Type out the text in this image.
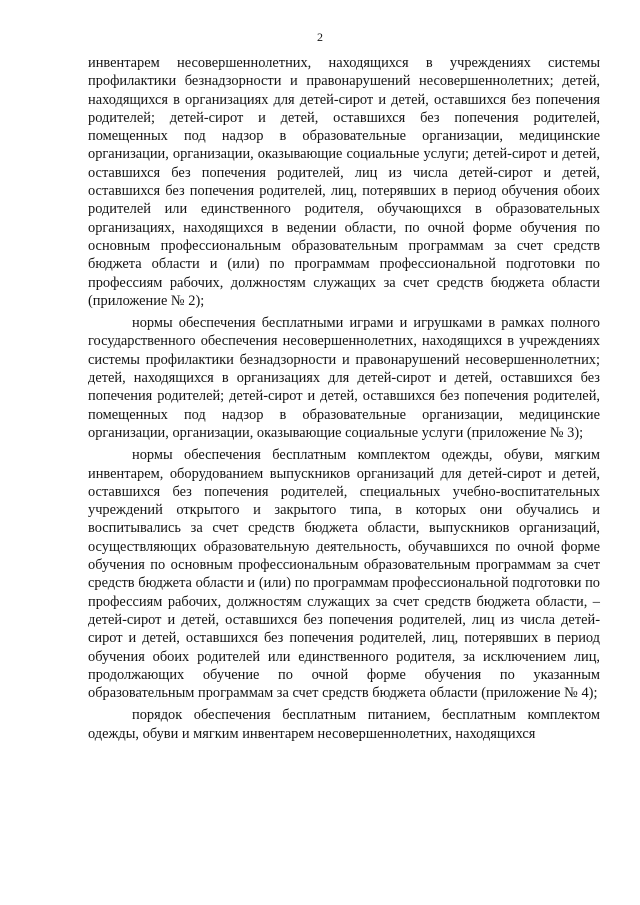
2

инвентарем несовершеннолетних, находящихся в учреждениях системы профилактики безнадзорности и правонарушений несовершеннолетних; детей, находящихся в организациях для детей-сирот и детей, оставшихся без попечения родителей; детей-сирот и детей, оставшихся без попечения родителей, помещенных под надзор в образовательные организации, медицинские организации, организации, оказывающие социальные услуги; детей-сирот и детей, оставшихся без попечения родителей, лиц из числа детей-сирот и детей, оставшихся без попечения родителей, лиц, потерявших в период обучения обоих родителей или единственного родителя, обучающихся в образовательных организациях, находящихся в ведении области, по очной форме обучения по основным профессиональным образовательным программам за счет средств бюджета области и (или) по программам профессиональной подготовки по профессиям рабочих, должностям служащих за счет средств бюджета области (приложение № 2);

нормы обеспечения бесплатными играми и игрушками в рамках полного государственного обеспечения несовершеннолетних, находящихся в учреждениях системы профилактики безнадзорности и правонарушений несовершеннолетних; детей, находящихся в организациях для детей-сирот и детей, оставшихся без попечения родителей; детей-сирот и детей, оставшихся без попечения родителей, помещенных под надзор в образовательные организации, медицинские организации, организации, оказывающие социальные услуги (приложение № 3);

нормы обеспечения бесплатным комплектом одежды, обуви, мягким инвентарем, оборудованием выпускников организаций для детей-сирот и детей, оставшихся без попечения родителей, специальных учебно-воспитательных учреждений открытого и закрытого типа, в которых они обучались и воспитывались за счет средств бюджета области, выпускников организаций, осуществляющих образовательную деятельность, обучавшихся по очной форме обучения по основным профессиональным образовательным программам за счет средств бюджета области и (или) по программам профессиональной подготовки по профессиям рабочих, должностям служащих за счет средств бюджета области, – детей-сирот и детей, оставшихся без попечения родителей, лиц из числа детей-сирот и детей, оставшихся без попечения родителей, лиц, потерявших в период обучения обоих родителей или единственного родителя, за исключением лиц, продолжающих обучение по очной форме обучения по указанным образовательным программам за счет средств бюджета области (приложение № 4);

порядок обеспечения бесплатным питанием, бесплатным комплектом одежды, обуви и мягким инвентарем несовершеннолетних, находящихся
